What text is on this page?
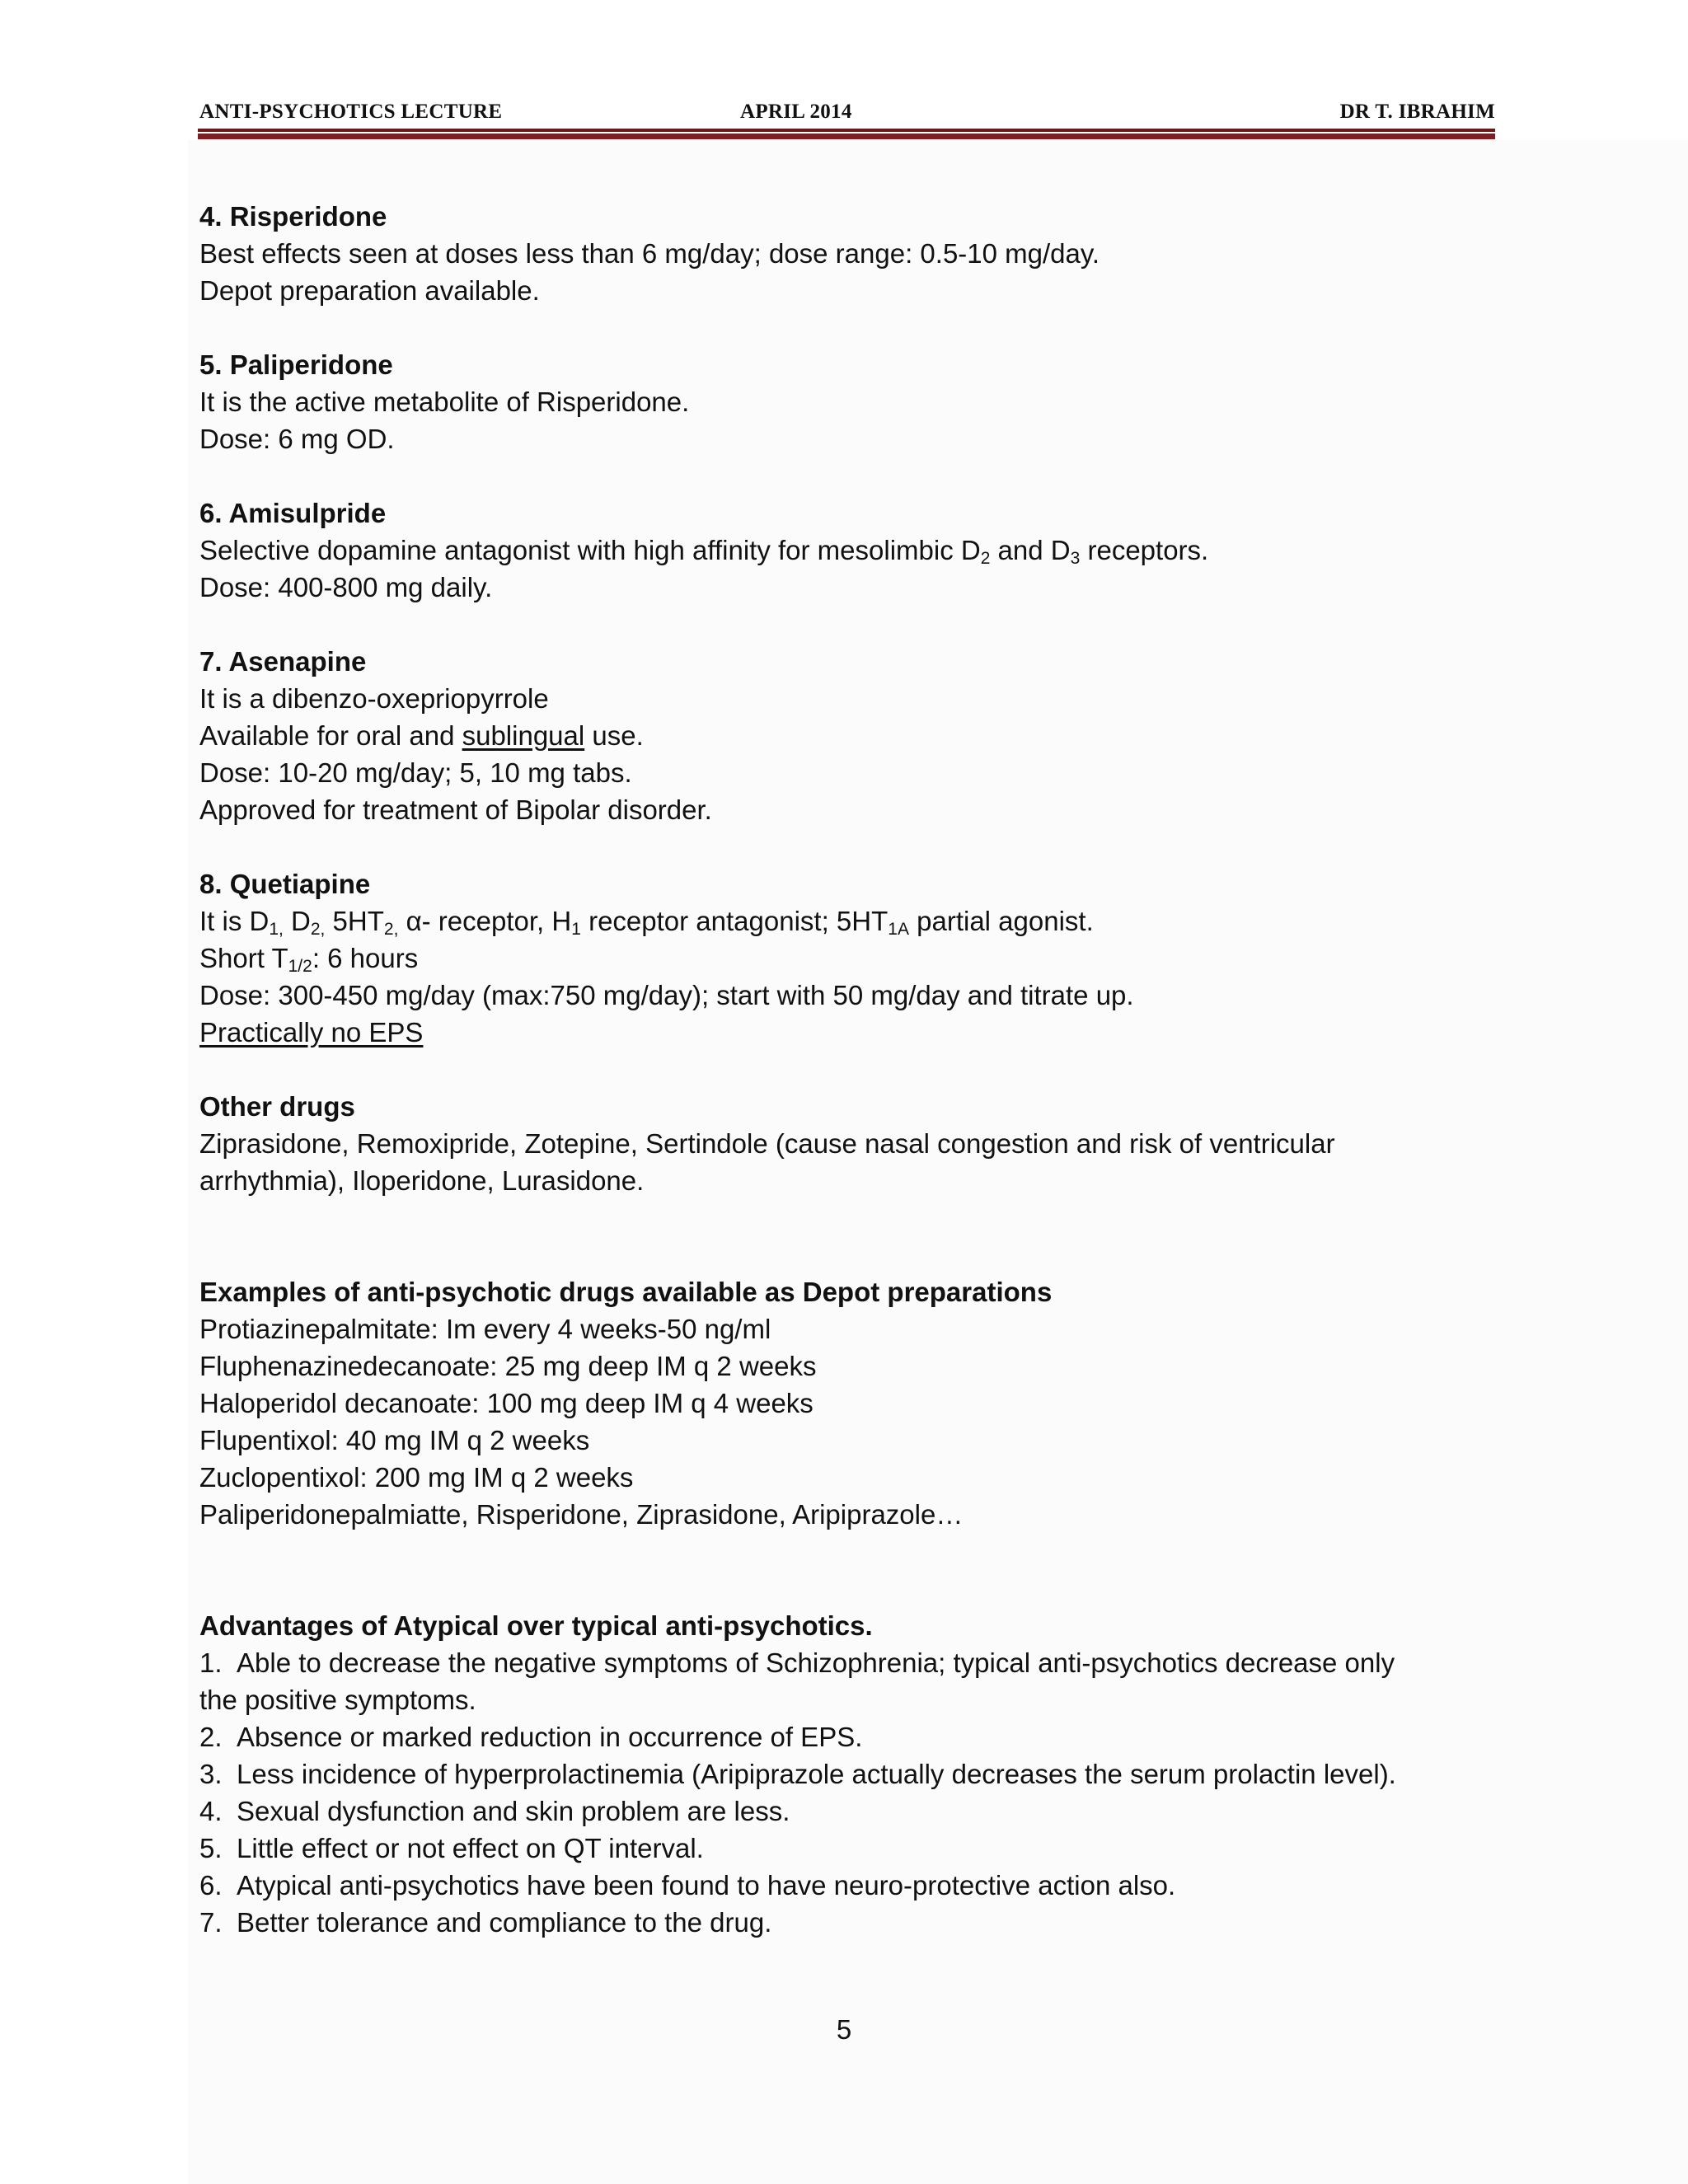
ANTI-PSYCHOTICS LECTURE	APRIL 2014	DR T. IBRAHIM

4. Risperidone

Best effects seen at doses less than 6 mg/day; dose range: 0.5-10 mg/day.

Depot preparation available.

5. Paliperidone

It is the active metabolite of Risperidone.

Dose: 6 mg OD.

6. Amisulpride

Selective dopamine antagonist with high affinity for mesolimbic $D_2$ and $D_3$ receptors.

Dose: 400-800 mg daily.

7. Asenapine

It is a dibenzo-oxepriopyrrole

Available for oral and sublingual use.

Dose: 10-20 mg/day; 5, 10 mg tabs.

Approved for treatment of Bipolar disorder.

8. Quetiapine

It is $D_{1,}$ $D_{2,}$ $5HT_{2,}$ α- receptor, $H_1$ receptor antagonist; $5HT_{1A}$ partial agonist.

Short $T_{1/2}$: 6 hours

Dose: 300-450 mg/day (max:750 mg/day); start with 50 mg/day and titrate up.

Practically no EPS

Other drugs

Ziprasidone, Remoxipride, Zotepine, Sertindole (cause nasal congestion and risk of ventricular

arrhythmia), Iloperidone, Lurasidone.

Examples of anti-psychotic drugs available as Depot preparations

Protiazinepalmitate: Im every 4 weeks-50 ng/ml

Fluphenazinedecanoate: 25 mg deep IM q 2 weeks

Haloperidol decanoate: 100 mg deep IM q 4 weeks

Flupentixol: 40 mg IM q 2 weeks

Zuclopentixol: 200 mg IM q 2 weeks

Paliperidonepalmiatte, Risperidone, Ziprasidone, Aripiprazole…

Advantages of Atypical over typical anti-psychotics.

1. Able to decrease the negative symptoms of Schizophrenia; typical anti-psychotics decrease only
the positive symptoms.
2. Absence or marked reduction in occurrence of EPS.
3. Less incidence of hyperprolactinemia (Aripiprazole actually decreases the serum prolactin level).
4. Sexual dysfunction and skin problem are less.
5. Little effect or not effect on QT interval.
6. Atypical anti-psychotics have been found to have neuro-protective action also.
7. Better tolerance and compliance to the drug.
5
